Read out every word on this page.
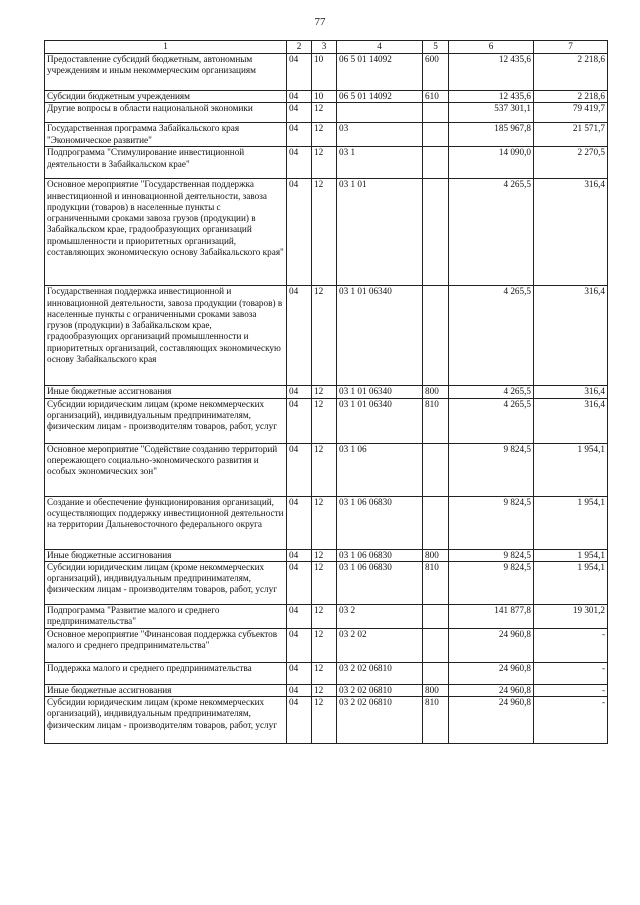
77
1	2	3	4	5	6	7
Предоставление субсидий бюджетным, автономным учреждениям и иным некоммерческим организациям	04	10	06 5 01 14092	600	12 435,6	2 218,6
Субсидии бюджетным учреждениям	04	10	06 5 01 14092	610	12 435,6	2 218,6
Другие вопросы в области национальной экономики	04	12			537 301,1	79 419,7
Государственная программа Забайкальского края "Экономическое развитие"	04	12	03		185 967,8	21 571,7
Подпрограмма "Стимулирование инвестиционной деятельности в Забайкальском крае"	04	12	03 1		14 090,0	2 270,5
Основное мероприятие "Государственная поддержка инвестиционной и инновационной деятельности, завоза продукции (товаров) в населенные пункты с ограниченными сроками завоза грузов (продукции) в Забайкальском крае, градообразующих организаций промышленности и приоритетных организаций, составляющих экономическую основу Забайкальского края"	04	12	03 1 01		4 265,5	316,4
Государственная поддержка инвестиционной и инновационной деятельности, завоза продукции (товаров) в населенные пункты с ограниченными сроками завоза грузов (продукции) в Забайкальском крае, градообразующих организаций промышленности и приоритетных организаций, составляющих экономическую основу Забайкальского края	04	12	03 1 01 06340		4 265,5	316,4
Иные бюджетные ассигнования	04	12	03 1 01 06340	800	4 265,5	316,4
Субсидии юридическим лицам (кроме некоммерческих организаций), индивидуальным предпринимателям, физическим лицам - производителям товаров, работ, услуг	04	12	03 1 01 06340	810	4 265,5	316,4
Основное мероприятие "Содействие созданию территорий опережающего социально-экономического развития и особых экономических зон"	04	12	03 1 06		9 824,5	1 954,1
Создание и обеспечение функционирования организаций, осуществляющих поддержку инвестиционной деятельности на территории Дальневосточного федерального округа	04	12	03 1 06 06830		9 824,5	1 954,1
Иные бюджетные ассигнования	04	12	03 1 06 06830	800	9 824,5	1 954,1
Субсидии юридическим лицам (кроме некоммерческих организаций), индивидуальным предпринимателям, физическим лицам - производителям товаров, работ, услуг	04	12	03 1 06 06830	810	9 824,5	1 954,1
Подпрограмма "Развитие малого и среднего предпринимательства"	04	12	03 2		141 877,8	19 301,2
Основное мероприятие "Финансовая поддержка субъектов малого и среднего предпринимательства"	04	12	03 2 02		24 960,8	-
Поддержка малого и среднего предпринимательства	04	12	03 2 02 06810		24 960,8	-
Иные бюджетные ассигнования	04	12	03 2 02 06810	800	24 960,8	-
Субсидии юридическим лицам (кроме некоммерческих организаций), индивидуальным предпринимателям, физическим лицам - производителям товаров, работ, услуг	04	12	03 2 02 06810	810	24 960,8	-
